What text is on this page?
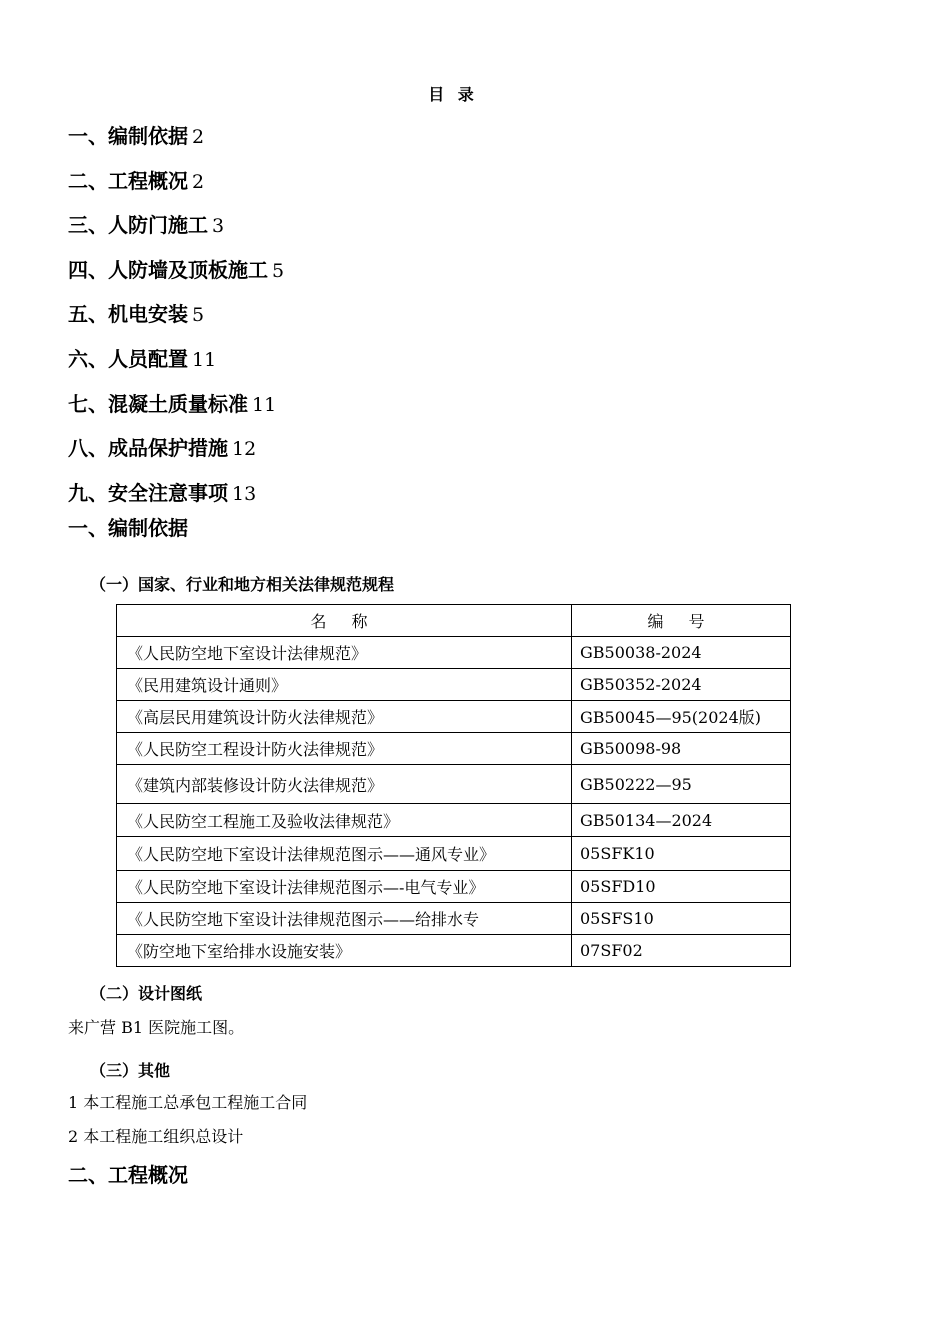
目 录
一、编制依据 2
二、工程概况 2
三、人防门施工 3
四、人防墙及顶板施工 5
五、机电安装 5
六、人员配置 11
七、混凝土质量标准 11
八、成品保护措施 12
九、安全注意事项 13
一、编制依据
（一）国家、行业和地方相关法律规范规程
名 称	编 号
《人民防空地下室设计法律规范》	GB50038-2024
《民用建筑设计通则》	GB50352-2024
《高层民用建筑设计防火法律规范》	GB50045—95(2024版)
《人民防空工程设计防火法律规范》	GB50098-98
《建筑内部装修设计防火法律规范》	GB50222—95
《人民防空工程施工及验收法律规范》	GB50134—2024
《人民防空地下室设计法律规范图示——通风专业》	05SFK10
《人民防空地下室设计法律规范图示—-电气专业》	05SFD10
《人民防空地下室设计法律规范图示——给排水专	05SFS10
《防空地下室给排水设施安装》	07SF02
（二）设计图纸
来广营 B1 医院施工图。
（三）其他
1 本工程施工总承包工程施工合同
2 本工程施工组织总设计
二、工程概况
